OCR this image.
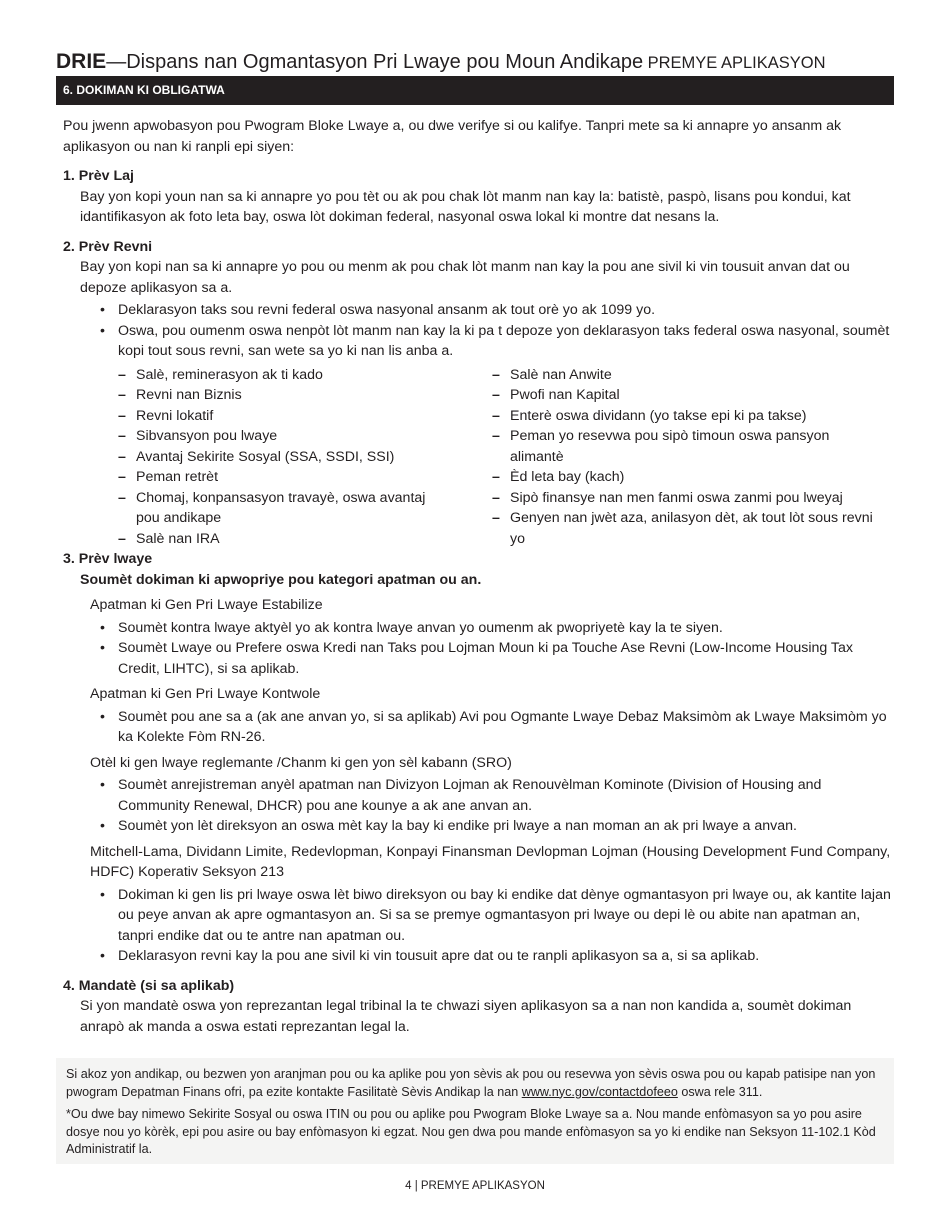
DRIE—Dispans nan Ogmantasyon Pri Lwaye pou Moun Andikape PREMYE APLIKASYON
6. DOKIMAN KI OBLIGATWA
Pou jwenn apwobasyon pou Pwogram Bloke Lwaye a, ou dwe verifye si ou kalifye. Tanpri mete sa ki annapre yo ansanm ak aplikasyon ou nan ki ranpli epi siyen:
1. Prèv Laj
Bay yon kopi youn nan sa ki annapre yo pou tèt ou ak pou chak lòt manm nan kay la: batistè, paspò, lisans pou kondui, kat idantifikasyon ak foto leta bay, oswa lòt dokiman federal, nasyonal oswa lokal ki montre dat nesans la.
2. Prèv Revni
Bay yon kopi nan sa ki annapre yo pou ou menm ak pou chak lòt manm nan kay la pou ane sivil ki vin tousuit anvan dat ou depoze aplikasyon sa a.
• Deklarasyon taks sou revni federal oswa nasyonal ansanm ak tout orè yo ak 1099 yo.
• Oswa, pou oumenm oswa nenpòt lòt manm nan kay la ki pa t depoze yon deklarasyon taks federal oswa nasyonal, soumèt kopi tout sous revni, san wete sa yo ki nan lis anba a.
– Salè, reminerasyon ak ti kado
– Revni nan Biznis
– Revni lokatif
– Sibvansyon pou lwaye
– Avantaj Sekirite Sosyal (SSA, SSDI, SSI)
– Peman retrèt
– Chomaj, konpansasyon travayè, oswa avantaj pou andikape
– Salè nan IRA
– Salè nan Anwite
– Pwofi nan Kapital
– Enterè oswa dividann (yo takse epi ki pa takse)
– Peman yo resevwa pou sipò timoun oswa pansyon alimantè
– Èd leta bay (kach)
– Sipò finansye nan men fanmi oswa zanmi pou lweyaj
– Genyen nan jwèt aza, anilasyon dèt, ak tout lòt sous revni yo
3. Prèv lwaye
Soumèt dokiman ki apwopriye pou kategori apatman ou an.
Apatman ki Gen Pri Lwaye Estabilize
• Soumèt kontra lwaye aktyèl yo ak kontra lwaye anvan yo oumenm ak pwopriyetè kay la te siyen.
• Soumèt Lwaye ou Prefere oswa Kredi nan Taks pou Lojman Moun ki pa Touche Ase Revni (Low-Income Housing Tax Credit, LIHTC), si sa aplikab.
Apatman ki Gen Pri Lwaye Kontwole
• Soumèt pou ane sa a (ak ane anvan yo, si sa aplikab) Avi pou Ogmante Lwaye Debaz Maksimòm ak Lwaye Maksimòm yo ka Kolekte Fòm RN-26.
Otèl ki gen lwaye reglemante /Chanm ki gen yon sèl kabann (SRO)
• Soumèt anrejistreman anyèl apatman nan Divizyon Lojman ak Renouvèlman Kominote (Division of Housing and Community Renewal, DHCR) pou ane kounye a ak ane anvan an.
• Soumèt yon lèt direksyon an oswa mèt kay la bay ki endike pri lwaye a nan moman an ak pri lwaye a anvan.
Mitchell-Lama, Dividann Limite, Redevlopman, Konpayi Finansman Devlopman Lojman (Housing Development Fund Company, HDFC) Koperativ Seksyon 213
• Dokiman ki gen lis pri lwaye oswa lèt biwo direksyon ou bay ki endike dat dènye ogmantasyon pri lwaye ou, ak kantite lajan ou peye anvan ak apre ogmantasyon an. Si sa se premye ogmantasyon pri lwaye ou depi lè ou abite nan apatman an, tanpri endike dat ou te antre nan apatman ou.
• Deklarasyon revni kay la pou ane sivil ki vin tousuit apre dat ou te ranpli aplikasyon sa a, si sa aplikab.
4. Mandatè (si sa aplikab)
Si yon mandatè oswa yon reprezantan legal tribinal la te chwazi siyen aplikasyon sa a nan non kandida a, soumèt dokiman anrapò ak manda a oswa estati reprezantan legal la.

Si akoz yon andikap, ou bezwen yon aranjman pou ou ka aplike pou yon sèvis ak pou ou resevwa yon sèvis oswa pou ou kapab patisipe nan yon pwogram Depatman Finans ofri, pa ezite kontakte Fasilitatè Sèvis Andikap la nan www.nyc.gov/contactdofeeo oswa rele 311.

*Ou dwe bay nimewo Sekirite Sosyal ou oswa ITIN ou pou ou aplike pou Pwogram Bloke Lwaye sa a. Nou mande enfòmasyon sa yo pou asire dosye nou yo kòrèk, epi pou asire ou bay enfòmasyon ki egzat. Nou gen dwa pou mande enfòmasyon sa yo ki endike nan Seksyon 11-102.1 Kòd Administratif la.

4 | PREMYE APLIKASYON
